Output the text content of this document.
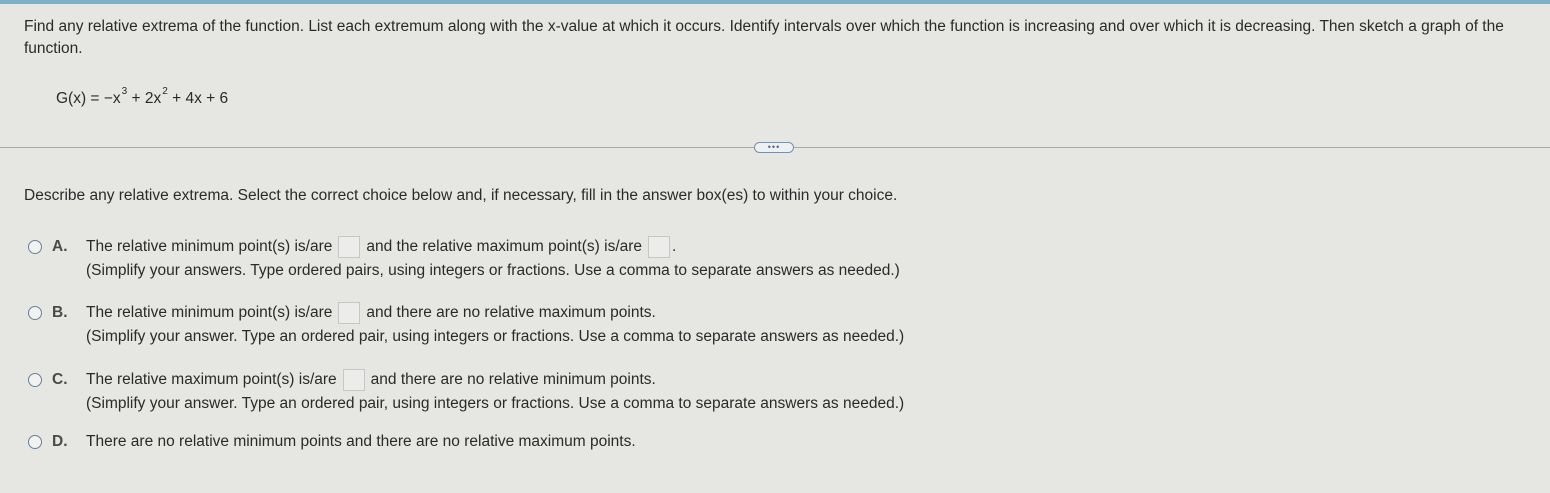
Find any relative extrema of the function. List each extremum along with the x-value at which it occurs. Identify intervals over which the function is increasing and over which it is decreasing. Then sketch a graph of the function.
$G(x) = -x^3 + 2x^2 + 4x + 6$
•••
Describe any relative extrema. Select the correct choice below and, if necessary, fill in the answer box(es) to within your choice.
A.	The relative minimum point(s) is/are and the relative maximum point(s) is/are .
(Simplify your answers. Type ordered pairs, using integers or fractions. Use a comma to separate answers as needed.)
B.	The relative minimum point(s) is/are and there are no relative maximum points.
(Simplify your answer. Type an ordered pair, using integers or fractions. Use a comma to separate answers as needed.)
C.	The relative maximum point(s) is/are and there are no relative minimum points.
(Simplify your answer. Type an ordered pair, using integers or fractions. Use a comma to separate answers as needed.)
D.	There are no relative minimum points and there are no relative maximum points.
